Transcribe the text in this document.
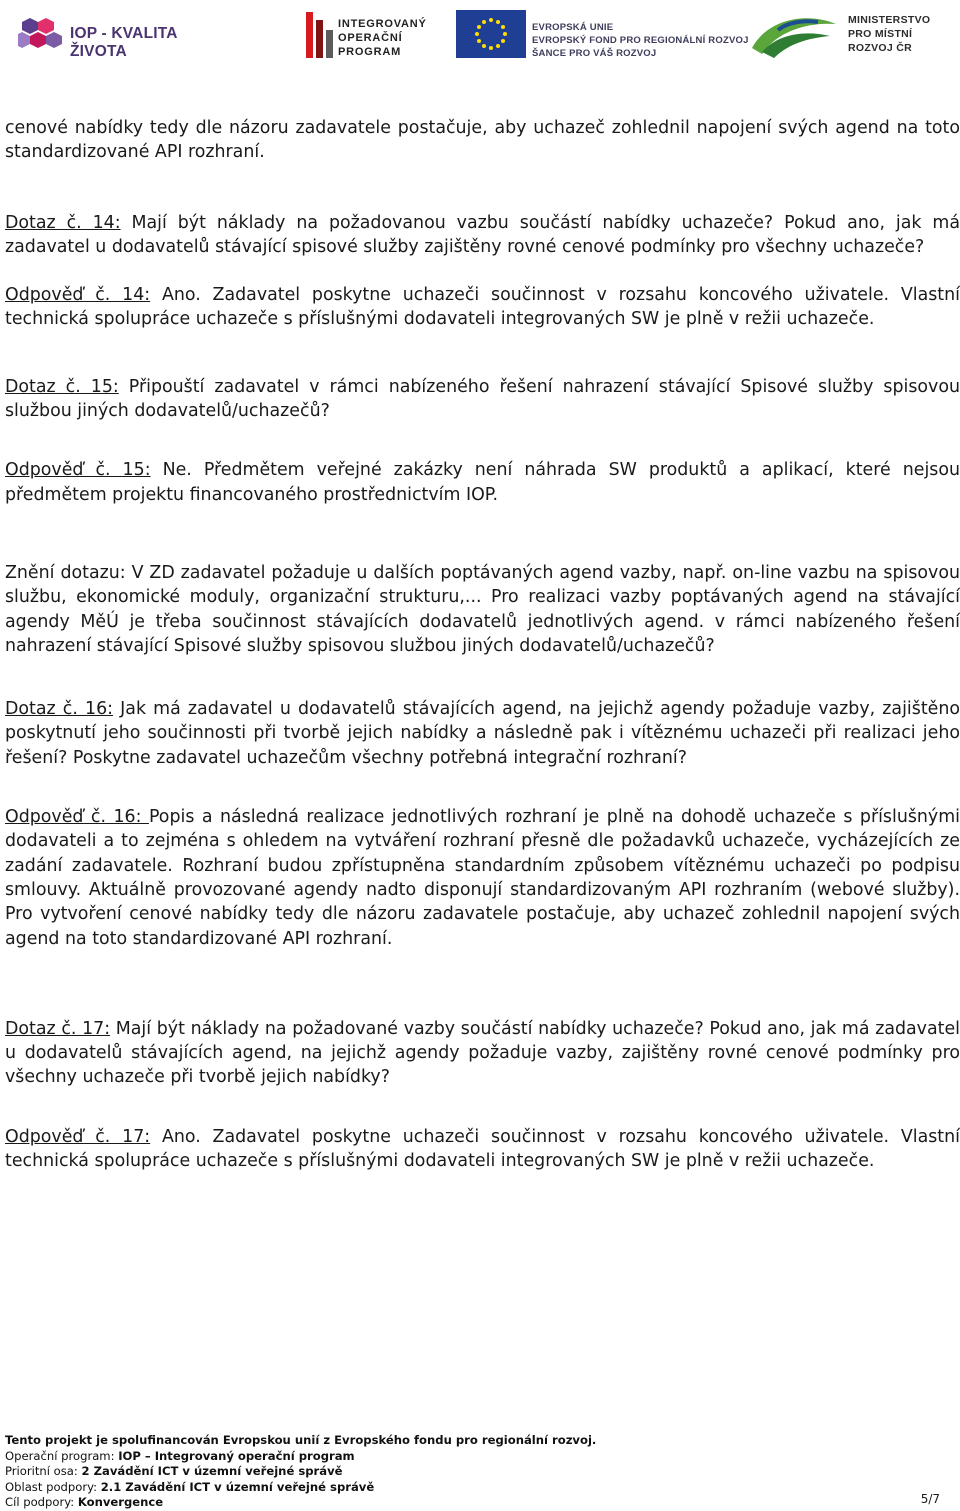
IOP - KVALITA ŽIVOTA
INTEGROVANÝ
OPERAČNÍ
PROGRAM
EVROPSKÁ UNIE
EVROPSKÝ FOND PRO REGIONÁLNÍ ROZVOJ
ŠANCE PRO VÁŠ ROZVOJ
MINISTERSTVO
PRO MÍSTNÍ
ROZVOJ ČR

cenové nabídky tedy dle názoru zadavatele postačuje, aby uchazeč zohlednil napojení svých agend na toto standardizované API rozhraní.

Dotaz č. 14: Mají být náklady na požadovanou vazbu součástí nabídky uchazeče? Pokud ano, jak má zadavatel u dodavatelů stávající spisové služby zajištěny rovné cenové podmínky pro všechny uchazeče?

Odpověď č. 14: Ano. Zadavatel poskytne uchazeči součinnost v rozsahu koncového uživatele. Vlastní technická spolupráce uchazeče s příslušnými dodavateli integrovaných SW je plně v režii uchazeče.

Dotaz č. 15: Připouští zadavatel v rámci nabízeného řešení nahrazení stávající Spisové služby spisovou službou jiných dodavatelů/uchazečů?

Odpověď č. 15: Ne. Předmětem veřejné zakázky není náhrada SW produktů a aplikací, které nejsou předmětem projektu financovaného prostřednictvím IOP.

Znění dotazu: V ZD zadavatel požaduje u dalších poptávaných agend vazby, např. on-line vazbu na spisovou službu, ekonomické moduly, organizační strukturu,... Pro realizaci vazby poptávaných agend na stávající agendy MěÚ je třeba součinnost stávajících dodavatelů jednotlivých agend. v rámci nabízeného řešení nahrazení stávající Spisové služby spisovou službou jiných dodavatelů/uchazečů?

Dotaz č. 16: Jak má zadavatel u dodavatelů stávajících agend, na jejichž agendy požaduje vazby, zajištěno poskytnutí jeho součinnosti při tvorbě jejich nabídky a následně pak i vítěznému uchazeči při realizaci jeho řešení? Poskytne zadavatel uchazečům všechny potřebná integrační rozhraní?

Odpověď č. 16: Popis a následná realizace jednotlivých rozhraní je plně na dohodě uchazeče s příslušnými dodavateli a to zejména s ohledem na vytváření rozhraní přesně dle požadavků uchazeče, vycházejících ze zadání zadavatele. Rozhraní budou zpřístupněna standardním způsobem vítěznému uchazeči po podpisu smlouvy. Aktuálně provozované agendy nadto disponují standardizovaným API rozhraním (webové služby). Pro vytvoření cenové nabídky tedy dle názoru zadavatele postačuje, aby uchazeč zohlednil napojení svých agend na toto standardizované API rozhraní.

Dotaz č. 17: Mají být náklady na požadované vazby součástí nabídky uchazeče? Pokud ano, jak má zadavatel u dodavatelů stávajících agend, na jejichž agendy požaduje vazby, zajištěny rovné cenové podmínky pro všechny uchazeče při tvorbě jejich nabídky?

Odpověď č. 17: Ano. Zadavatel poskytne uchazeči součinnost v rozsahu koncového uživatele. Vlastní technická spolupráce uchazeče s příslušnými dodavateli integrovaných SW je plně v režii uchazeče.

Tento projekt je spolufinancován Evropskou unií z Evropského fondu pro regionální rozvoj.
Operační program: IOP – Integrovaný operační program
Prioritní osa: 2 Zavádění ICT v územní veřejné správě
Oblast podpory: 2.1 Zavádění ICT v územní veřejné správě
Cíl podpory: Konvergence	5/7
